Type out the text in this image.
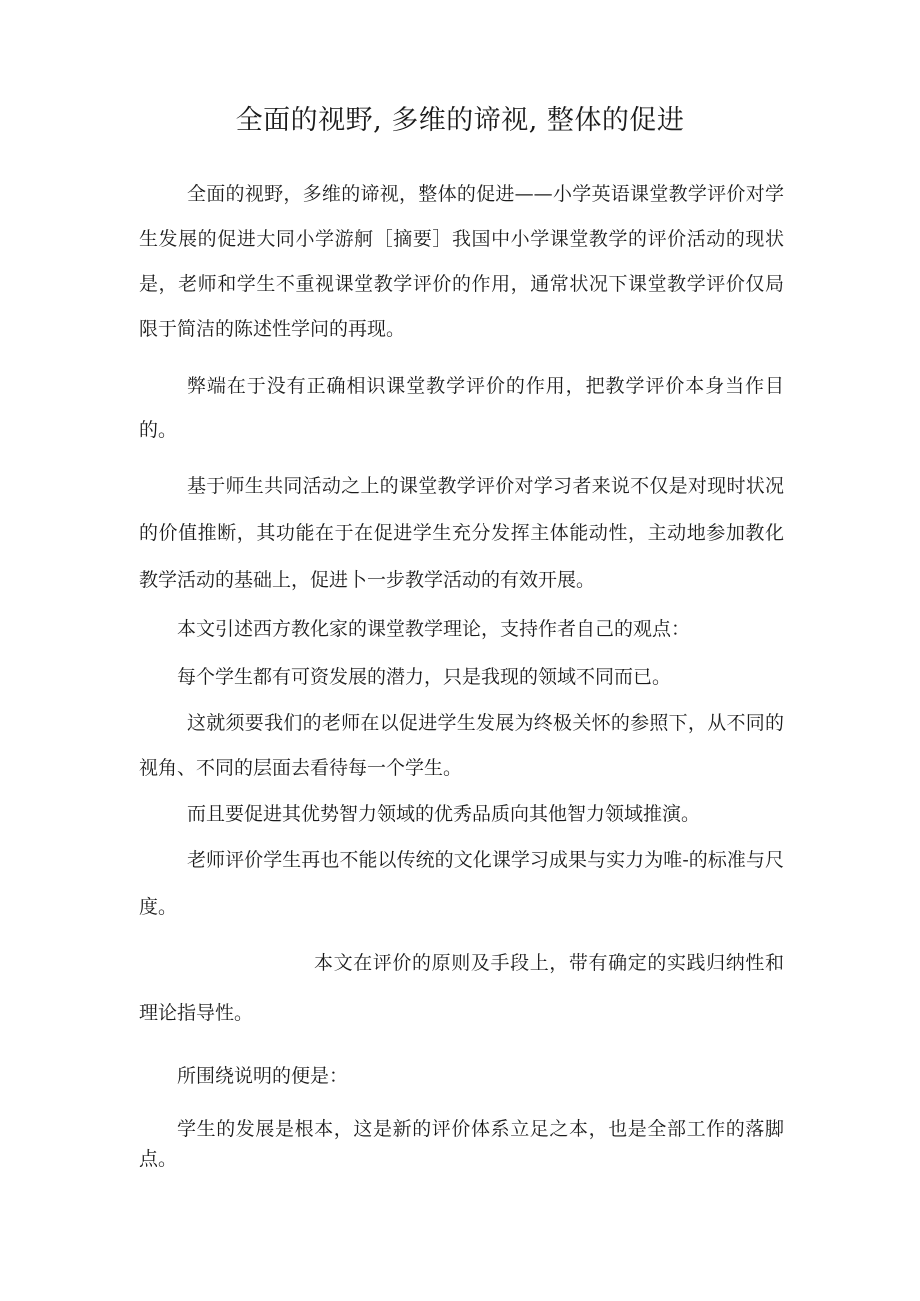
全面的视野, 多维的谛视, 整体的促进

全面的视野，多维的谛视，整体的促进——小学英语课堂教学评价对学生发展的促进大同小学游舸［摘要］我国中小学课堂教学的评价活动的现状是，老师和学生不重视课堂教学评价的作用，通常状况下课堂教学评价仅局限于简洁的陈述性学问的再现。

弊端在于没有正确相识课堂教学评价的作用，把教学评价本身当作目的。

基于师生共同活动之上的课堂教学评价对学习者来说不仅是对现时状况的价值推断，其功能在于在促进学生充分发挥主体能动性，主动地参加教化教学活动的基础上，促进卜一步教学活动的有效开展。

本文引述西方教化家的课堂教学理论，支持作者自己的观点：

每个学生都有可资发展的潜力，只是我现的领域不同而已。

这就须要我们的老师在以促进学生发展为终极关怀的参照下，从不同的视角、不同的层面去看待每一个学生。

而且要促进其优势智力领域的优秀品质向其他智力领域推演。

老师评价学生再也不能以传统的文化课学习成果与实力为唯-的标准与尺度。

本文在评价的原则及手段上，带有确定的实践归纳性和理论指导性。

所围绕说明的便是：

学生的发展是根本，这是新的评价体系立足之本，也是全部工作的落脚点。
